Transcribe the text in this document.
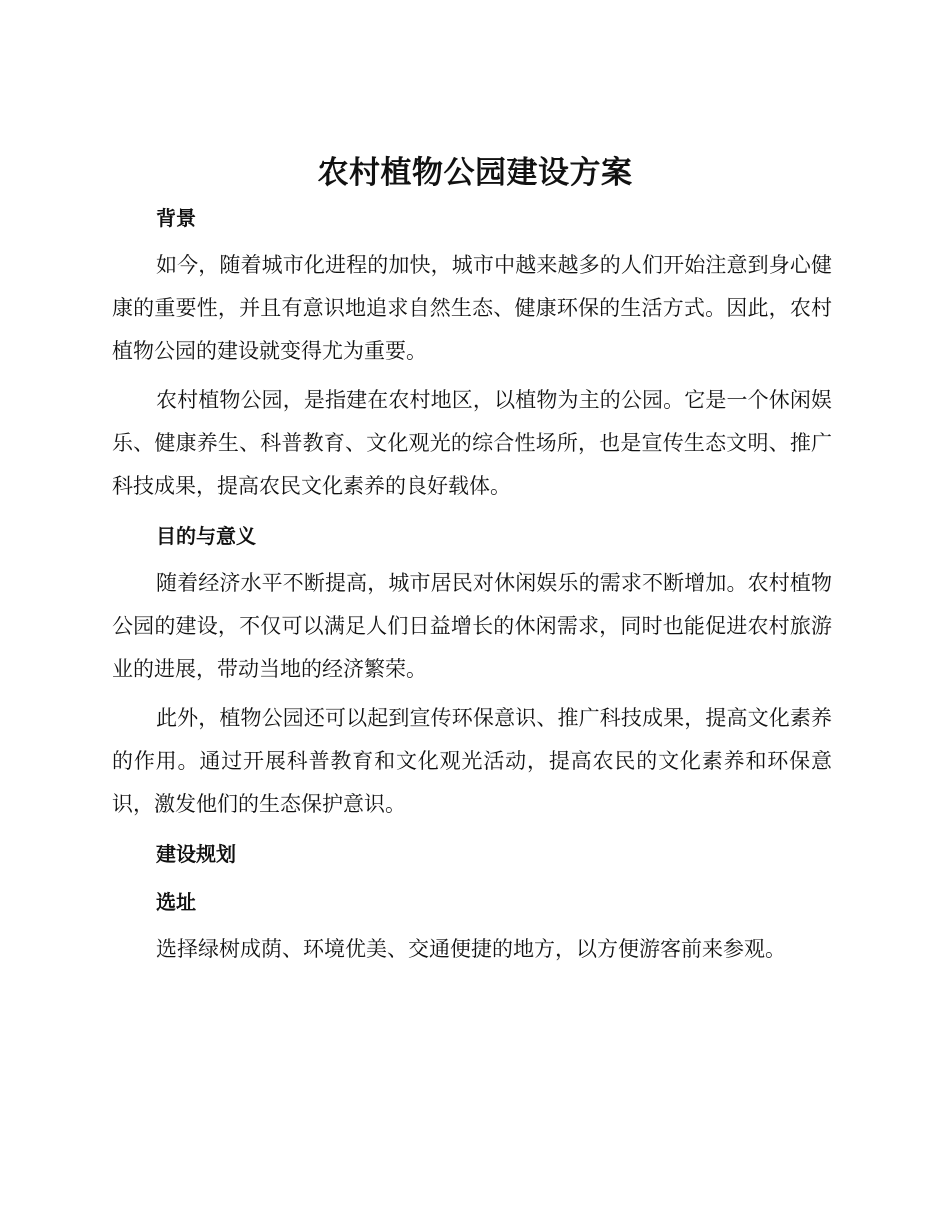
农村植物公园建设方案
背景

如今，随着城市化进程的加快，城市中越来越多的人们开始注意到身心健康的重要性，并且有意识地追求自然生态、健康环保的生活方式。因此，农村植物公园的建设就变得尤为重要。

农村植物公园，是指建在农村地区，以植物为主的公园。它是一个休闲娱乐、健康养生、科普教育、文化观光的综合性场所，也是宣传生态文明、推广科技成果，提高农民文化素养的良好载体。

目的与意义

随着经济水平不断提高，城市居民对休闲娱乐的需求不断增加。农村植物公园的建设，不仅可以满足人们日益增长的休闲需求，同时也能促进农村旅游业的进展，带动当地的经济繁荣。

此外，植物公园还可以起到宣传环保意识、推广科技成果，提高文化素养的作用。通过开展科普教育和文化观光活动，提高农民的文化素养和环保意识，激发他们的生态保护意识。

建设规划
选址

选择绿树成荫、环境优美、交通便捷的地方，以方便游客前来参观。
